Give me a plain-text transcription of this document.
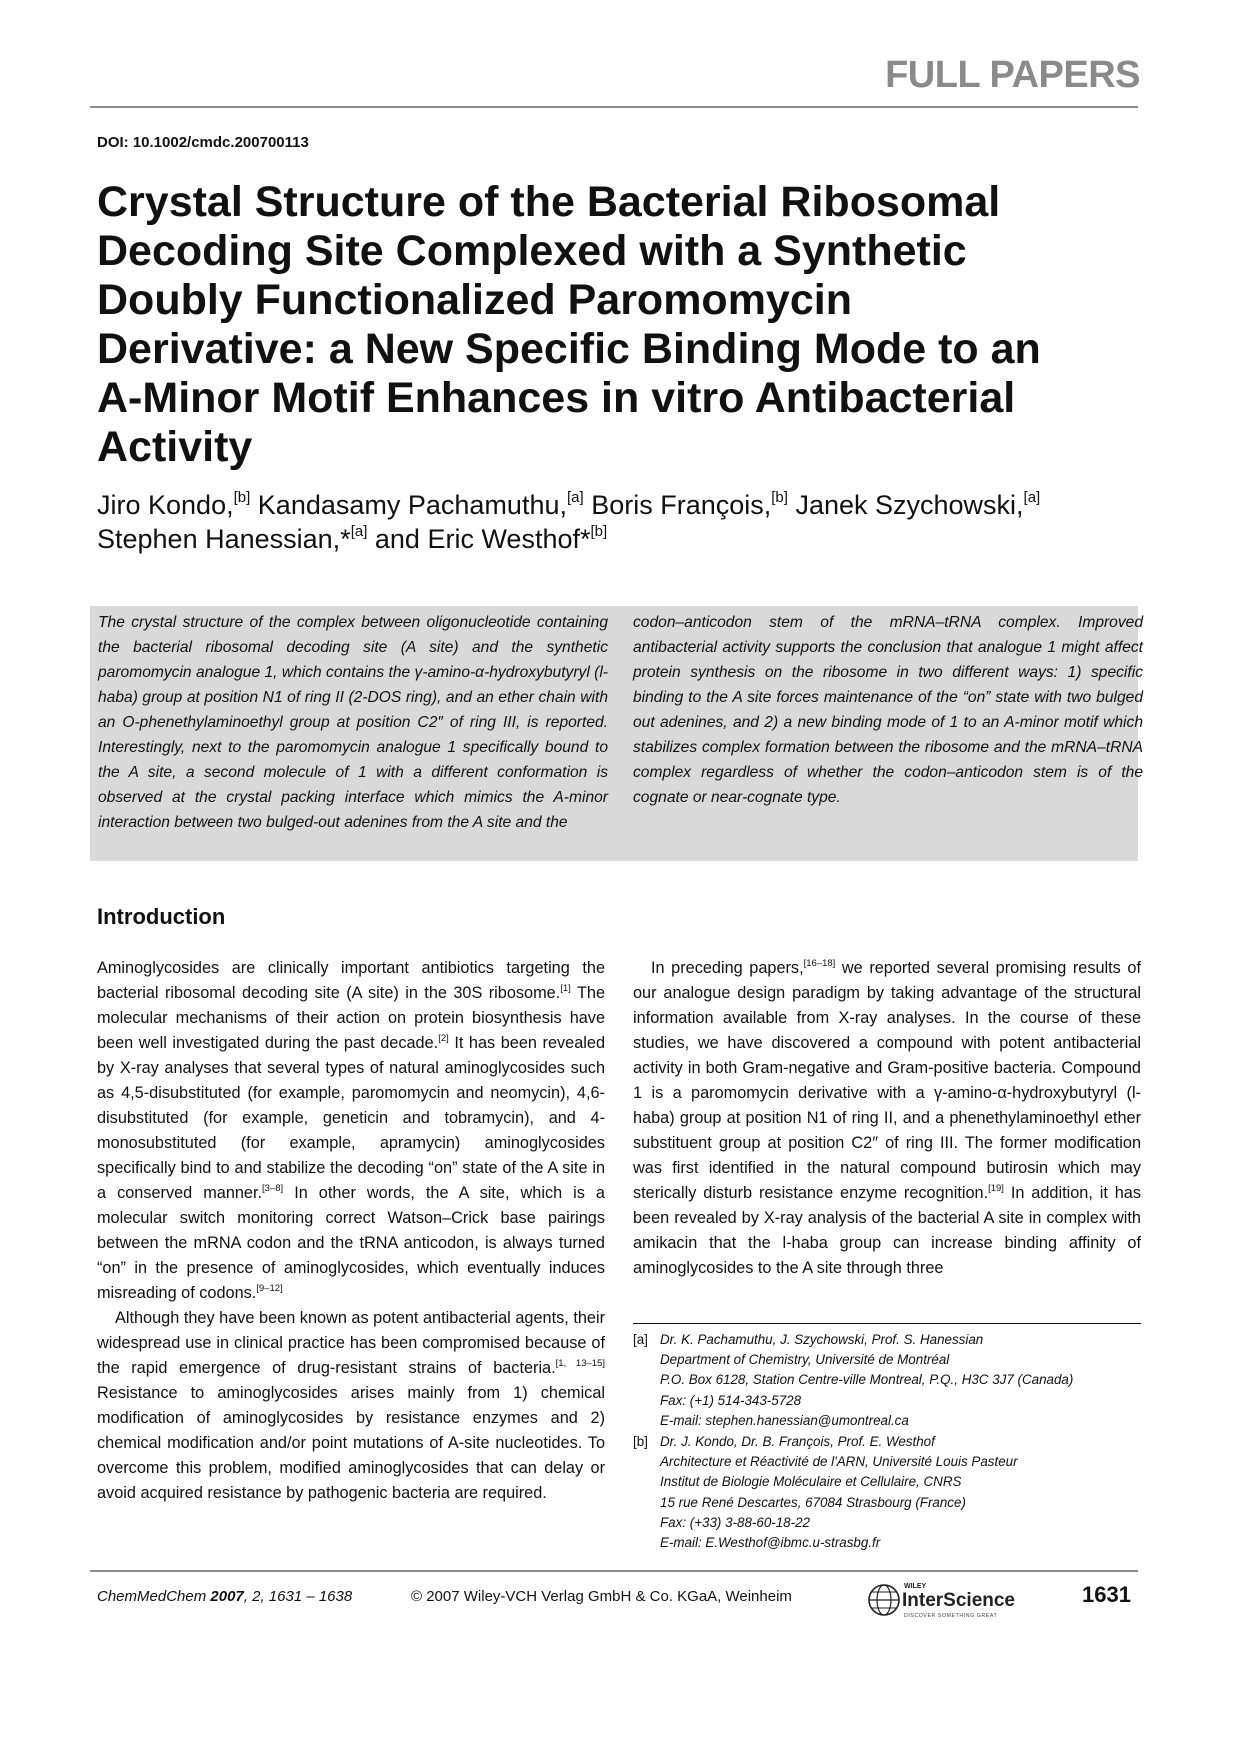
FULL PAPERS
DOI: 10.1002/cmdc.200700113
Crystal Structure of the Bacterial Ribosomal
Decoding Site Complexed with a Synthetic
Doubly Functionalized Paromomycin
Derivative: a New Specific Binding Mode to an
A-Minor Motif Enhances in vitro Antibacterial
Activity
Jiro Kondo,[b] Kandasamy Pachamuthu,[a] Boris François,[b] Janek Szychowski,[a]
Stephen Hanessian,*[a] and Eric Westhof*[b]
The crystal structure of the complex between oligonucleotide containing the bacterial ribosomal decoding site (A site) and the synthetic paromomycin analogue 1, which contains the γ-amino-α-hydroxybutyryl (l-haba) group at position N1 of ring II (2-DOS ring), and an ether chain with an O-phenethylaminoethyl group at position C2″ of ring III, is reported. Interestingly, next to the paromomycin analogue 1 specifically bound to the A site, a second molecule of 1 with a different conformation is observed at the crystal packing interface which mimics the A-minor interaction between two bulged-out adenines from the A site and the
codon–anticodon stem of the mRNA–tRNA complex. Improved antibacterial activity supports the conclusion that analogue 1 might affect protein synthesis on the ribosome in two different ways: 1) specific binding to the A site forces maintenance of the “on” state with two bulged out adenines, and 2) a new binding mode of 1 to an A-minor motif which stabilizes complex formation between the ribosome and the mRNA–tRNA complex regardless of whether the codon–anticodon stem is of the cognate or near-cognate type.
Introduction

Aminoglycosides are clinically important antibiotics targeting the bacterial ribosomal decoding site (A site) in the 30S ribosome.[1] The molecular mechanisms of their action on protein biosynthesis have been well investigated during the past decade.[2] It has been revealed by X-ray analyses that several types of natural aminoglycosides such as 4,5-disubstituted (for example, paromomycin and neomycin), 4,6-disubstituted (for example, geneticin and tobramycin), and 4-monosubstituted (for example, apramycin) aminoglycosides specifically bind to and stabilize the decoding “on” state of the A site in a conserved manner.[3–8] In other words, the A site, which is a molecular switch monitoring correct Watson–Crick base pairings between the mRNA codon and the tRNA anticodon, is always turned “on” in the presence of aminoglycosides, which eventually induces misreading of codons.[9–12]

Although they have been known as potent antibacterial agents, their widespread use in clinical practice has been compromised because of the rapid emergence of drug-resistant strains of bacteria.[1, 13–15] Resistance to aminoglycosides arises mainly from 1) chemical modification of aminoglycosides by resistance enzymes and 2) chemical modification and/or point mutations of A-site nucleotides. To overcome this problem, modified aminoglycosides that can delay or avoid acquired resistance by pathogenic bacteria are required.

In preceding papers,[16–18] we reported several promising results of our analogue design paradigm by taking advantage of the structural information available from X-ray analyses. In the course of these studies, we have discovered a compound with potent antibacterial activity in both Gram-negative and Gram-positive bacteria. Compound 1 is a paromomycin derivative with a γ-amino-α-hydroxybutyryl (l-haba) group at position N1 of ring II, and a phenethylaminoethyl ether substituent group at position C2″ of ring III. The former modification was first identified in the natural compound butirosin which may sterically disturb resistance enzyme recognition.[19] In addition, it has been revealed by X-ray analysis of the bacterial A site in complex with amikacin that the l-haba group can increase binding affinity of aminoglycosides to the A site through three

[a] Dr. K. Pachamuthu, J. Szychowski, Prof. S. Hanessian
Department of Chemistry, Université de Montréal
P.O. Box 6128, Station Centre-ville Montreal, P.Q., H3C 3J7 (Canada)
Fax: (+1) 514-343-5728
E-mail: stephen.hanessian@umontreal.ca
[b] Dr. J. Kondo, Dr. B. François, Prof. E. Westhof
Architecture et Réactivité de l'ARN, Université Louis Pasteur
Institut de Biologie Moléculaire et Cellulaire, CNRS
15 rue René Descartes, 67084 Strasbourg (France)
Fax: (+33) 3-88-60-18-22
E-mail: E.Westhof@ibmc.u-strasbg.fr
ChemMedChem 2007, 2, 1631 – 1638	© 2007 Wiley-VCH Verlag GmbH & Co. KGaA, Weinheim
WILEY
InterScience
DISCOVER SOMETHING GREAT
1631
